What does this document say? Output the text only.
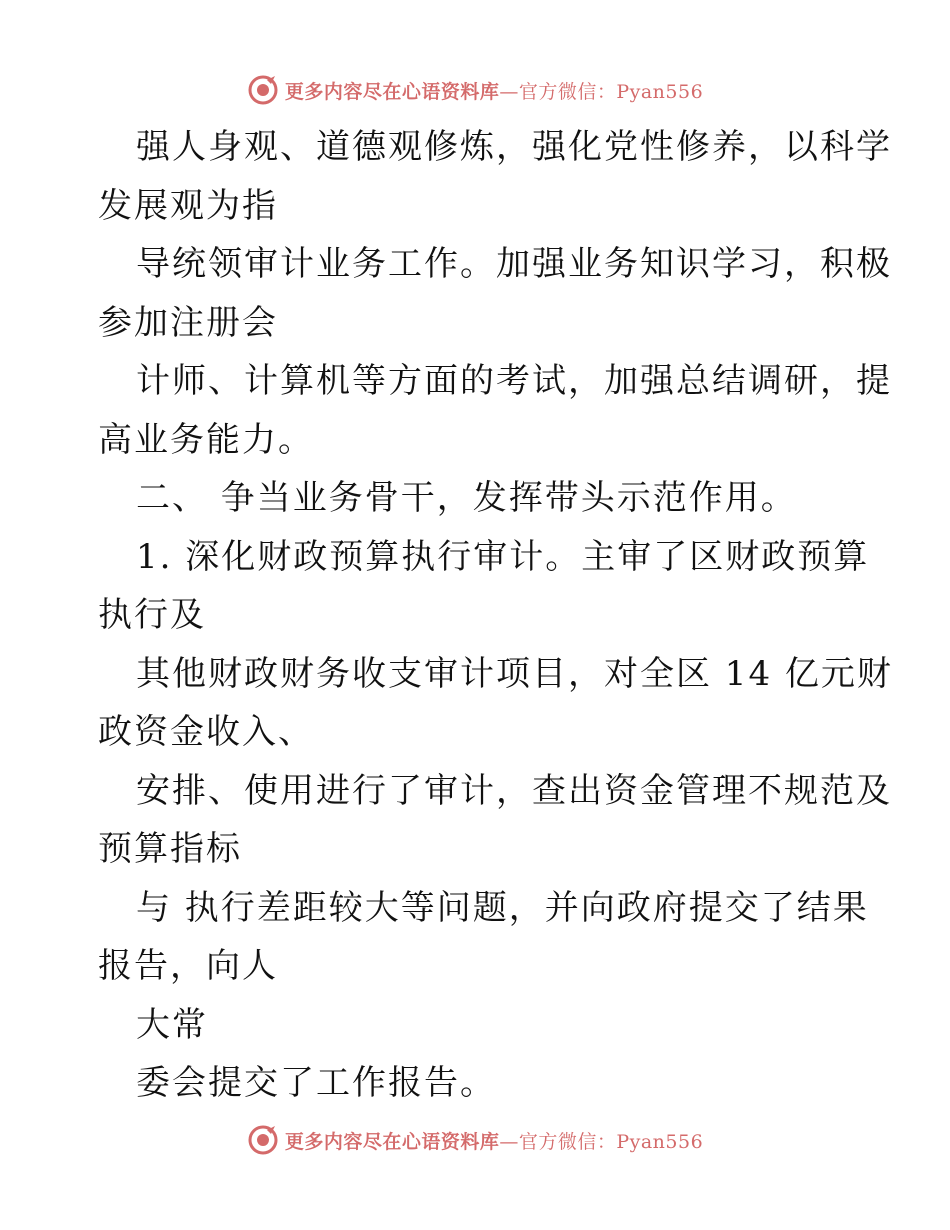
更多内容尽在心语资料库—官方微信：Pyan556
强人身观、道德观修炼，强化党性修养，以科学
发展观为指
导统领审计业务工作。加强业务知识学习，积极
参加注册会
计师、计算机等方面的考试，加强总结调研，提
高业务能力。
二、 争当业务骨干，发挥带头示范作用。
1. 深化财政预算执行审计。主审了区财政预算
执行及
其他财政财务收支审计项目，对全区 14 亿元财
政资金收入、
安排、使用进行了审计，查出资金管理不规范及
预算指标
与 执行差距较大等问题，并向政府提交了结果
报告，向人
大常
委会提交了工作报告。
更多内容尽在心语资料库—官方微信：Pyan556
